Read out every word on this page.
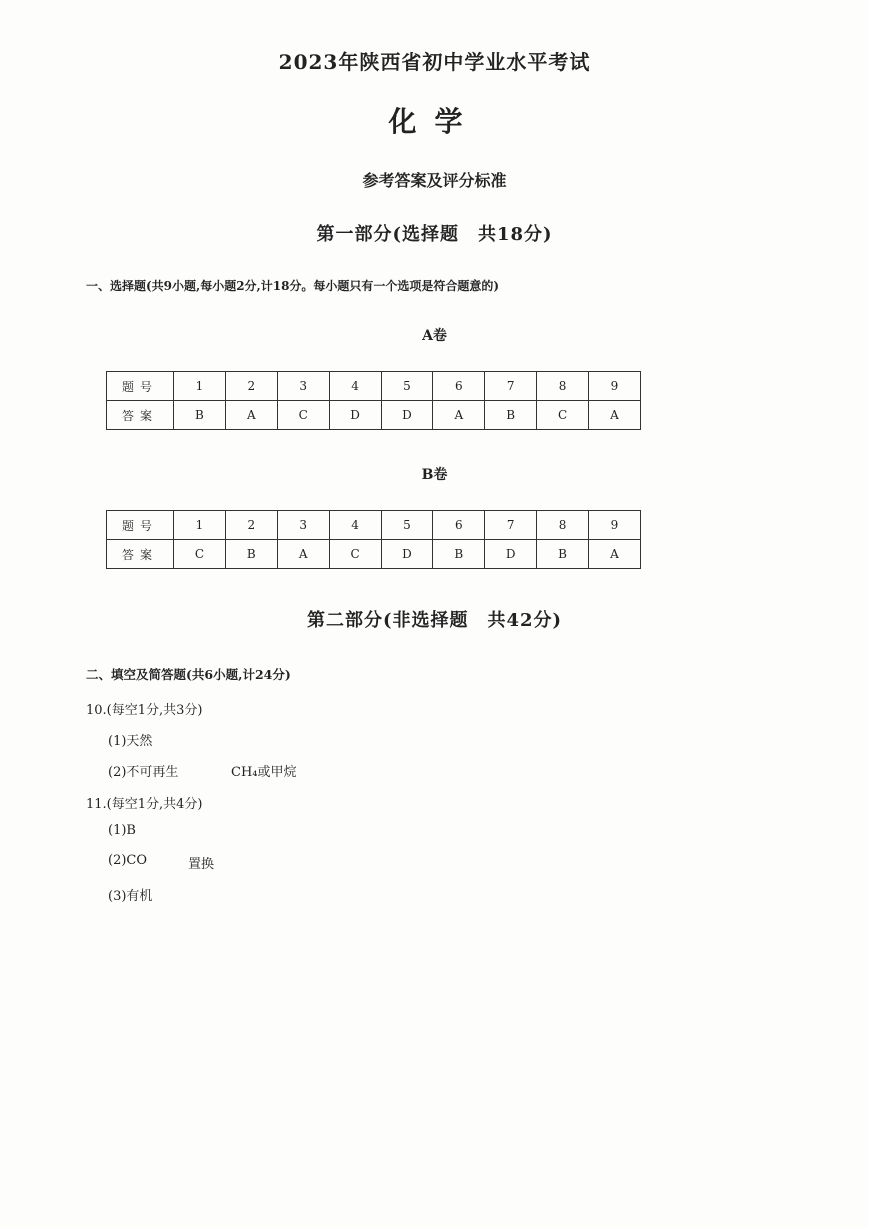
2023年陕西省初中学业水平考试
化学
参考答案及评分标准
第一部分(选择题　共18分)
一、选择题(共9小题,每小题2分,计18分。每小题只有一个选项是符合题意的)
A卷
题号	1	2	3	4	5	6	7	8	9
答案	B	A	C	D	D	A	B	C	A
B卷
题号	1	2	3	4	5	6	7	8	9
答案	C	B	A	C	D	B	D	B	A
第二部分(非选择题　共42分)
二、填空及简答题(共6小题,计24分)
10.(每空1分,共3分)
(1)天然
(2)不可再生	CH₄或甲烷
11.(每空1分,共4分)
(1)B
(2)CO	置换
(3)有机
